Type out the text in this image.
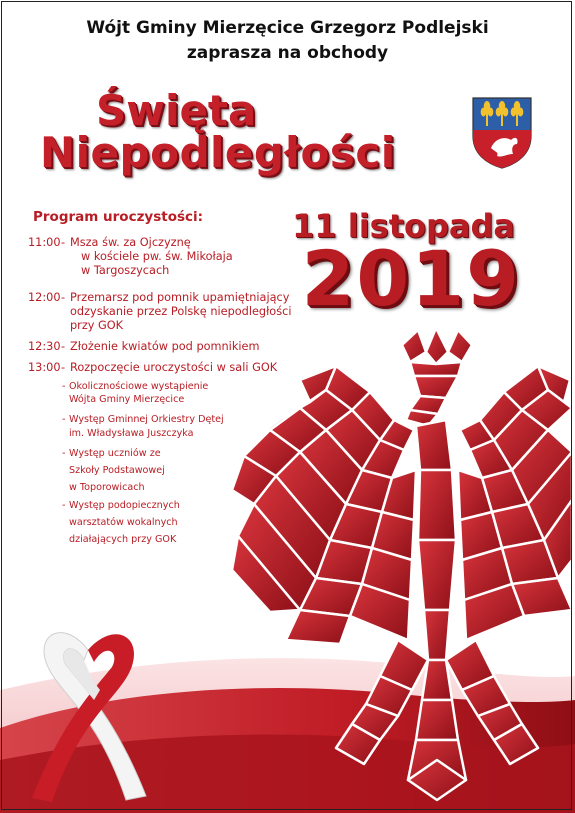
Wójt Gminy Mierzęcice Grzegorz Podlejski
zaprasza na obchody
Święta
Niepodległości
11 listopada
2019
Program uroczystości:
11:00 - Msza św. za Ojczyznę
w kościele pw. św. Mikołaja
w Targoszycach
12:00 - Przemarsz pod pomnik upamiętniający
odzyskanie przez Polskę niepodległości
przy GOK
12:30 - Złożenie kwiatów pod pomnikiem
13:00 - Rozpoczęcie uroczystości w sali GOK
- Okolicznościowe wystąpienie
Wójta Gminy Mierzęcice
- Występ Gminnej Orkiestry Dętej
im. Władysława Juszczyka
- Występ uczniów ze
Szkoły Podstawowej
w Toporowicach
- Występ podopiecznych
warsztatów wokalnych
działających przy GOK
